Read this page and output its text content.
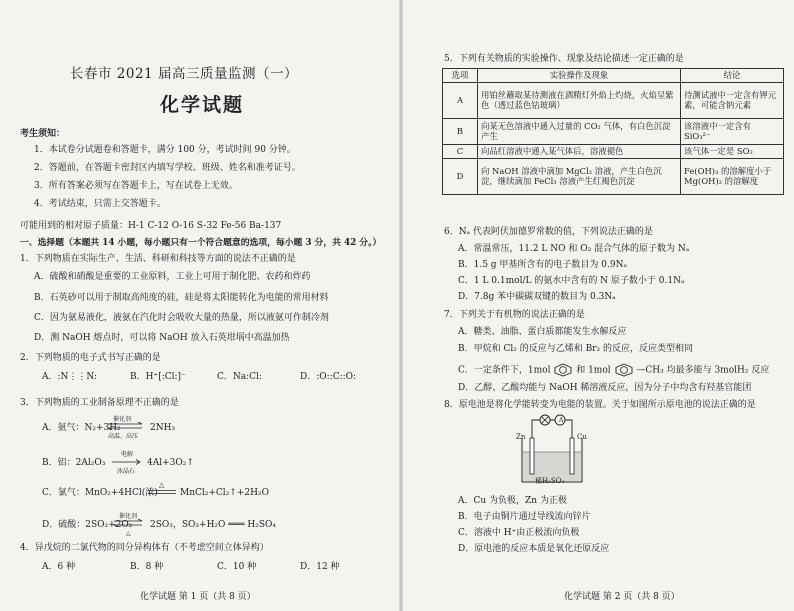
长春市 2021 届高三质量监测（一）
化学试题
考生须知：
1．本试卷分试题卷和答题卡，满分 100 分，考试时间 90 分钟。
2．答题前，在答题卡密封区内填写学校、班级、姓名和准考证号。
3．所有答案必须写在答题卡上，写在试卷上无效。
4．考试结束，只需上交答题卡。
可能用到的相对原子质量：H-1 C-12 O-16 S-32 Fe-56 Ba-137
一、选择题（本题共 14 小题，每小题只有一个符合题意的选项，每小题 3 分，共 42 分。）
1．下列物质在实际生产、生活、科研和科技等方面的说法不正确的是
A．硫酸和硝酸是重要的工业原料，工业上可用于制化肥、农药和炸药
B．石英砂可以用于制取高纯度的硅，硅是将太阳能转化为电能的常用材料
C．因为氨易液化，液氨在汽化时会吸收大量的热量，所以液氨可作制冷剂
D．测 NaOH 熔点时，可以将 NaOH 放入石英坩埚中高温加热
2．下列物质的电子式书写正确的是
A．:N⋮⋮N:	B．H⁺[:Cl:]⁻	C．Na:Cl:	D．:O::C::O:
3．下列物质的工业制备原理不正确的是
A．氨气：N₂+3H₂
催化剂
高温、高压
2NH₃
B．铝：2Al₂O₃
电解
冰晶石
4Al+3O₂↑
C．氯气：MnO₂+4HCl(浓)
△
MnCl₂+Cl₂↑+2H₂O
D．硫酸：2SO₂+2O₂
催化剂
△
2SO₃，SO₃+H₂O ═══ H₂SO₄
4．异戊烷的二氯代物的同分异构体有（不考虑空间立体异构）
A．6 种	B．8 种	C．10 种	D．12 种
化学试题 第 1 页（共 8 页）
5．下列有关物质的实验操作、现象及结论描述一定正确的是
选项	实验操作及现象	结论
A	用铂丝蘸取某待测液在酒精灯外焰上灼烧，火焰呈紫色（透过蓝色钴玻璃）	待测试液中一定含有钾元素，可能含钠元素
B	向某无色溶液中通入过量的 CO₂ 气体，有白色沉淀产生	该溶液中一定含有 SiO₃²⁻
C	向品红溶液中通入某气体后，溶液褪色	该气体一定是 SO₂
D	向 NaOH 溶液中滴加 MgCl₂ 溶液，产生白色沉淀，继续滴加 FeCl₃ 溶液产生红褐色沉淀	Fe(OH)₃ 的溶解度小于 Mg(OH)₂ 的溶解度
6．Nₐ 代表阿伏加德罗常数的值，下列说法正确的是
A．常温常压，11.2 L NO 和 O₂ 混合气体的原子数为 Nₐ
B．1.5 g 甲基所含有的电子数目为 0.9Nₐ
C．1 L 0.1mol/L 的氨水中含有的 N 原子数小于 0.1Nₐ
D．7.8g 苯中碳碳双键的数目为 0.3Nₐ
7．下列关于有机物的说法正确的是
A．糖类、油脂、蛋白质都能发生水解反应
B．甲烷和 Cl₂ 的反应与乙烯和 Br₂ 的反应，反应类型相同
C．一定条件下，1mol	和 1mol	—CH₃ 均最多能与 3molH₂ 反应
D．乙醇、乙酸均能与 NaOH 稀溶液反应，因为分子中均含有羟基官能团
8．原电池是将化学能转变为电能的装置。关于如图所示原电池的说法正确的是
Zn	Cu
A
稀H₂SO₄
A．Cu 为负极，Zn 为正极
B．电子由铜片通过导线流向锌片
C．溶液中 H⁺由正极流向负极
D．原电池的反应本质是氧化还原反应
化学试题 第 2 页（共 8 页）
